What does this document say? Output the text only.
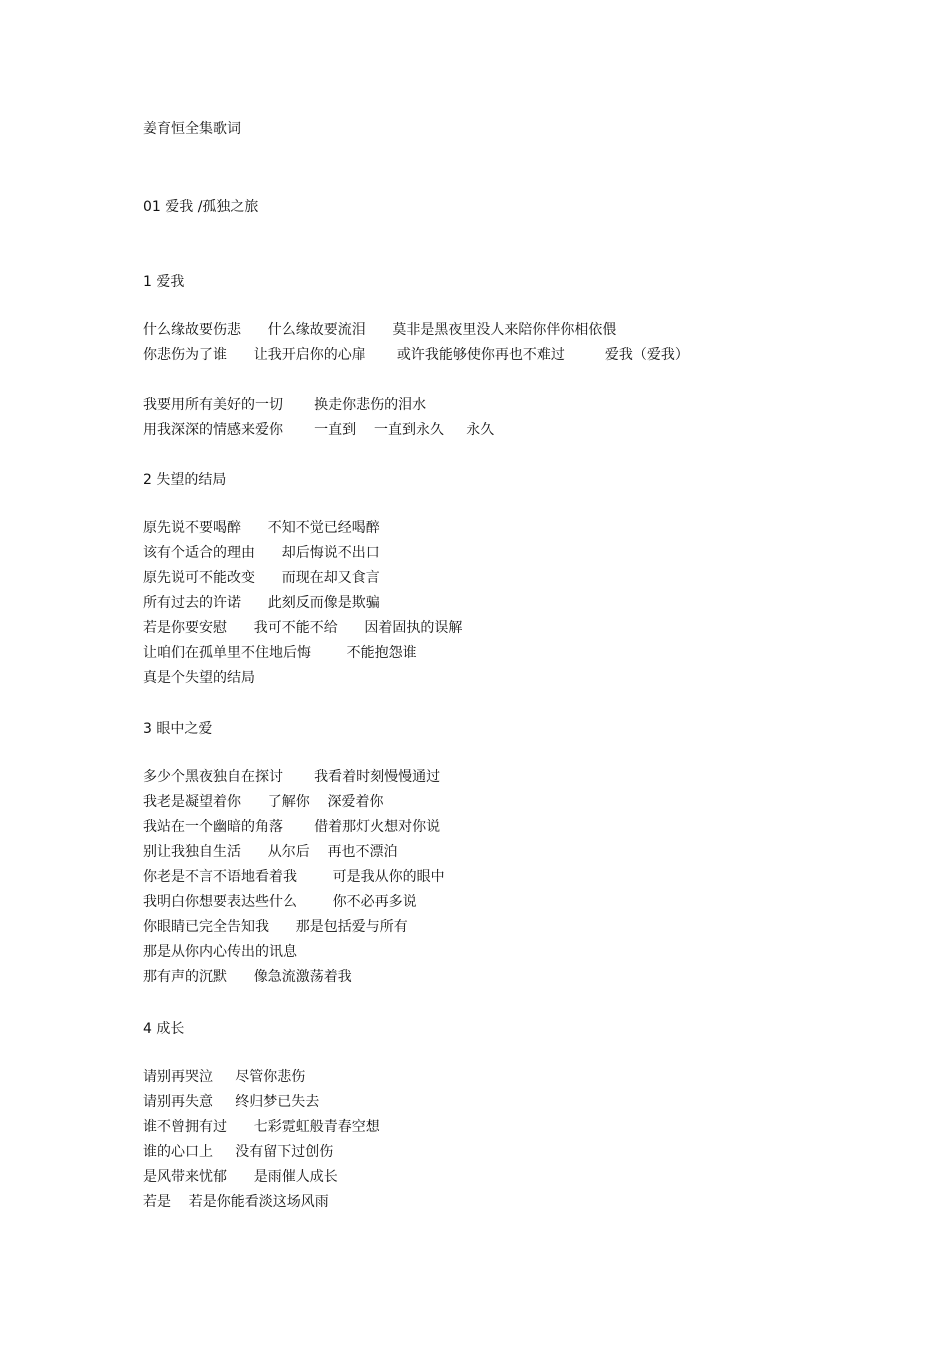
姜育恒全集歌词
01 爱我 /孤独之旅
1 爱我
什么缘故要伤悲      什么缘故要流泪      莫非是黑夜里没人来陪你伴你相依偎
你悲伤为了谁      让我开启你的心扉       或许我能够使你再也不难过         爱我（爱我）
我要用所有美好的一切       换走你悲伤的泪水
用我深深的情感来爱你       一直到    一直到永久     永久
2 失望的结局
原先说不要喝醉      不知不觉已经喝醉
该有个适合的理由      却后悔说不出口
原先说可不能改变      而现在却又食言
所有过去的许诺      此刻反而像是欺骗
若是你要安慰      我可不能不给      因着固执的误解
让咱们在孤单里不住地后悔        不能抱怨谁
真是个失望的结局
3 眼中之爱
多少个黑夜独自在探讨       我看着时刻慢慢通过
我老是凝望着你      了解你    深爱着你
我站在一个幽暗的角落       借着那灯火想对你说
别让我独自生活      从尔后    再也不漂泊
你老是不言不语地看着我        可是我从你的眼中
我明白你想要表达些什么        你不必再多说
你眼睛已完全告知我      那是包括爱与所有
那是从你内心传出的讯息
那有声的沉默      像急流激荡着我
4 成长
请别再哭泣     尽管你悲伤
请别再失意     终归梦已失去
谁不曾拥有过      七彩霓虹般青春空想
谁的心口上     没有留下过创伤
是风带来忧郁      是雨催人成长
若是    若是你能看淡这场风雨
